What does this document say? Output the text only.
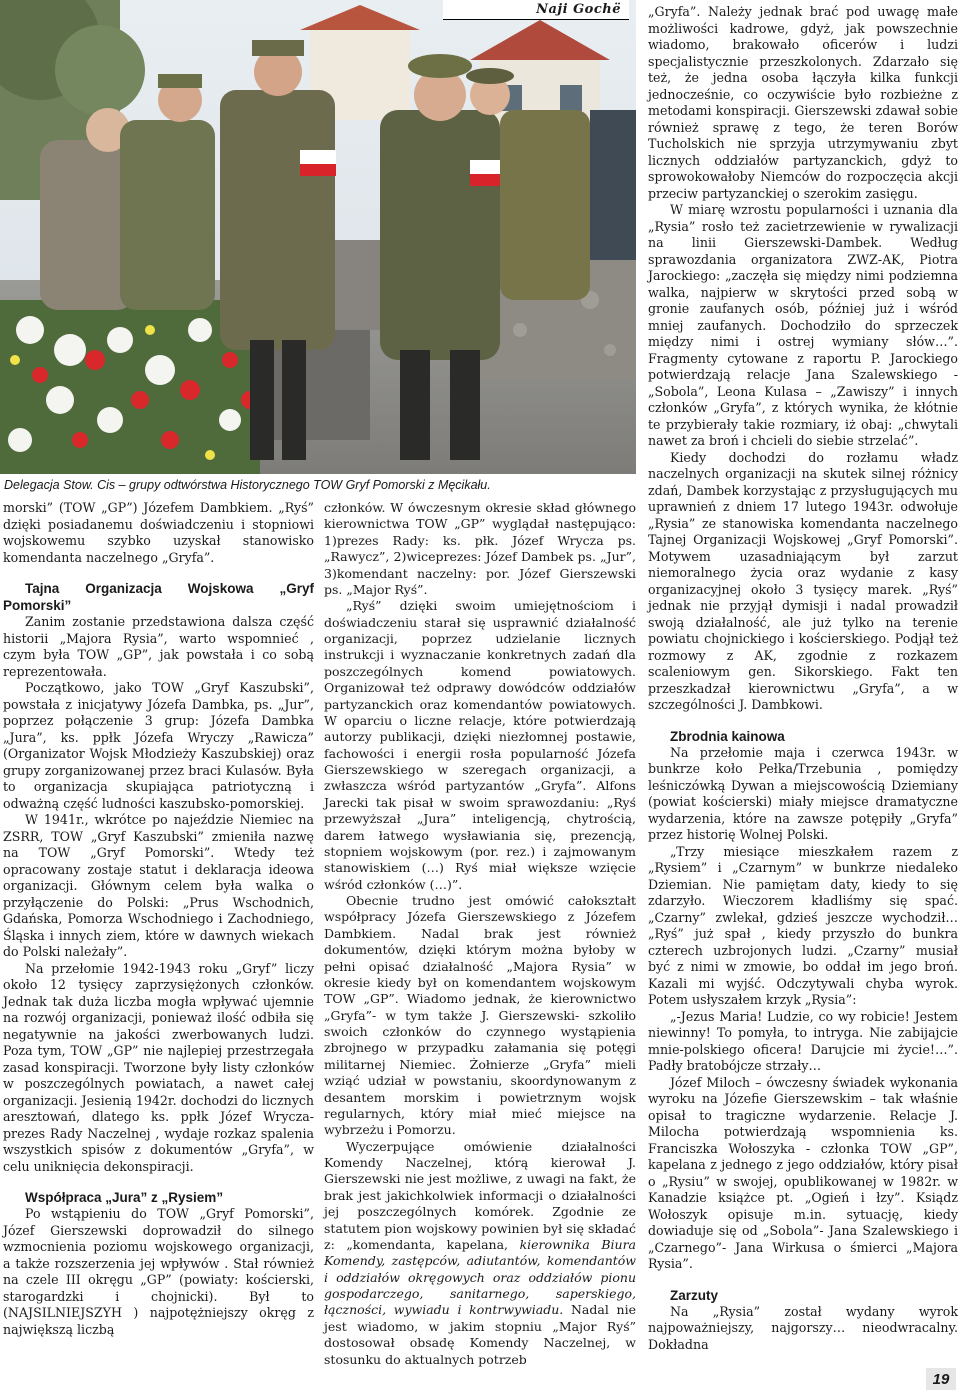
Naji Gochë
Delegacja Stow. Cis – grupy odtwórstwa Historycznego TOW Gryf Pomorski z Męcikału.

morski” (TOW „GP”) Józefem Dambkiem. „Ryś” dzięki posiadanemu doświadczeniu i stopniowi wojskowemu szybko uzyskał stanowisko komendanta naczelnego „Gryfa”.

Tajna Organizacja Wojskowa „Gryf Pomorski”

Zanim zostanie przedstawiona dalsza część historii „Majora Rysia”, warto wspomnieć , czym była TOW „GP”, jak powstała i co sobą reprezentowała.

Początkowo, jako TOW „Gryf Kaszubski”, powstała z inicjatywy Józefa Dambka, ps. „Jur”, poprzez połączenie 3 grup: Józefa Dambka „Jura”, ks. ppłk Józefa Wryczy „Rawicza” (Organizator Wojsk Młodzieży Kaszubskiej) oraz grupy zorganizowanej przez braci Kulasów. Była to organizacja skupiająca patriotyczną i odważną część ludności kaszubsko-pomorskiej.

W 1941r., wkrótce po najeździe Niemiec na ZSRR, TOW „Gryf Kaszubski” zmieniła nazwę na TOW „Gryf Pomorski”. Wtedy też opracowany zostaje statut i deklaracja ideowa organizacji. Głównym celem była walka o przyłączenie do Polski: „Prus Wschodnich, Gdańska, Pomorza Wschodniego i Zachodniego, Śląska i innych ziem, które w dawnych wiekach do Polski należały”.

Na przełomie 1942-1943 roku „Gryf” liczy około 12 tysięcy zaprzysiężonych członków. Jednak tak duża liczba mogła wpływać ujemnie na rozwój organizacji, ponieważ ilość odbiła się negatywnie na jakości zwerbowanych ludzi. Poza tym, TOW „GP” nie najlepiej przestrzegała zasad konspiracji. Tworzone były listy członków w poszczególnych powiatach, a nawet całej organizacji. Jesienią 1942r. dochodzi do licznych aresztowań, dlatego ks. ppłk Józef Wrycza- prezes Rady Naczelnej , wydaje rozkaz spalenia wszystkich spisów z dokumentów „Gryfa”, w celu uniknięcia dekonspiracji.

Współpraca „Jura” z „Rysiem”

Po wstąpieniu do TOW „Gryf Pomorski”, Józef Gierszewski doprowadził do silnego wzmocnienia poziomu wojskowego organizacji, a także rozszerzenia jej wpływów . Stał również na czele III okręgu „GP” (powiaty: kościerski, starogardzki i chojnicki). Był to (NAJSILNIEJSZYH ) najpotężniejszy okręg z największą liczbą

członków. W ówczesnym okresie skład głównego kierownictwa TOW „GP” wyglądał następująco: 1)prezes Rady: ks. płk. Józef Wrycza ps. „Rawycz”, 2)wiceprezes: Józef Dambek ps. „Jur”, 3)komendant naczelny: por. Józef Gierszewski ps. „Major Ryś”.

„Ryś” dzięki swoim umiejętnościom i doświadczeniu starał się usprawnić działalność organizacji, poprzez udzielanie licznych instrukcji i wyznaczanie konkretnych zadań dla poszczególnych komend powiatowych. Organizował też odprawy dowódców oddziałów partyzanckich oraz komendantów powiatowych. W oparciu o liczne relacje, które potwierdzają autorzy publikacji, dzięki niezłomnej postawie, fachowości i energii rosła popularność Józefa Gierszewskiego w szeregach organizacji, a zwłaszcza wśród partyzantów „Gryfa”. Alfons Jarecki tak pisał w swoim sprawozdaniu: „Ryś przewyższał „Jura” inteligencją, chytrością, darem łatwego wysławiania się, prezencją, stopniem wojskowym (por. rez.) i zajmowanym stanowiskiem (…) Ryś miał większe wzięcie wśród członków (…)”.

Obecnie trudno jest omówić całokształt współpracy Józefa Gierszewskiego z Józefem Dambkiem. Nadal brak jest również dokumentów, dzięki którym można byłoby w pełni opisać działalność „Majora Rysia” w okresie kiedy był on komendantem wojskowym TOW „GP”. Wiadomo jednak, że kierownictwo „Gryfa”- w tym także J. Gierszewski- szkoliło swoich członków do czynnego wystąpienia zbrojnego w przypadku załamania się potęgi militarnej Niemiec. Żołnierze „Gryfa” mieli wziąć udział w powstaniu, skoordynowanym z desantem morskim i powietrznym wojsk regularnych, który miał mieć miejsce na wybrzeżu i Pomorzu.

Wyczerpujące omówienie działalności Komendy Naczelnej, którą kierował J. Gierszewski nie jest możliwe, z uwagi na fakt, że brak jest jakichkolwiek informacji o działalności jej poszczególnych komórek. Zgodnie ze statutem pion wojskowy powinien był się składać z: „komendanta, kapelana, kierownika Biura Komendy, zastępców, adiutantów, komendantów i oddziałów okręgowych oraz oddziałów pionu gospodarczego, sanitarnego, saperskiego, łączności, wywiadu i kontrwywiadu. Nadal nie jest wiadomo, w jakim stopniu „Major Ryś” dostosował obsadę Komendy Naczelnej, w stosunku do aktualnych potrzeb

„Gryfa”. Należy jednak brać pod uwagę małe możliwości kadrowe, gdyż, jak powszechnie wiadomo, brakowało oficerów i ludzi specjalistycznie przeszkolonych. Zdarzało się też, że jedna osoba łączyła kilka funkcji jednocześnie, co oczywiście było rozbieżne z metodami konspiracji. Gierszewski zdawał sobie również sprawę z tego, że teren Borów Tucholskich nie sprzyja utrzymywaniu zbyt licznych oddziałów partyzanckich, gdyż to sprowokowałoby Niemców do rozpoczęcia akcji przeciw partyzanckiej o szerokim zasięgu.

W miarę wzrostu popularności i uznania dla „Rysia” rosło też zacietrzewienie w rywalizacji na linii Gierszewski-Dambek. Według sprawozdania organizatora ZWZ-AK, Piotra Jarockiego: „zaczęła się między nimi podziemna walka, najpierw w skrytości przed sobą w gronie zaufanych osób, później już i wśród mniej zaufanych. Dochodziło do sprzeczek między nimi i ostrej wymiany słów…”. Fragmenty cytowane z raportu P. Jarockiego potwierdzają relacje Jana Szalewskiego - „Sobola”, Leona Kulasa – „Zawiszy” i innych członków „Gryfa”, z których wynika, że kłótnie te przybierały takie rozmiary, iż obaj: „chwytali nawet za broń i chcieli do siebie strzelać”.

Kiedy dochodzi do rozłamu władz naczelnych organizacji na skutek silnej różnicy zdań, Dambek korzystając z przysługujących mu uprawnień z dniem 17 lutego 1943r. odwołuje „Rysia” ze stanowiska komendanta naczelnego Tajnej Organizacji Wojskowej „Gryf Pomorski”. Motywem uzasadniającym był zarzut niemoralnego życia oraz wydanie z kasy organizacyjnej około 3 tysięcy marek. „Ryś” jednak nie przyjął dymisji i nadal prowadził swoją działalność, ale już tylko na terenie powiatu chojnickiego i kościerskiego. Podjął też rozmowy z AK, zgodnie z rozkazem scaleniowym gen. Sikorskiego. Fakt ten przeszkadzał kierownictwu „Gryfa”, a w szczególności J. Dambkowi.

Zbrodnia kainowa

Na przełomie maja i czerwca 1943r. w bunkrze koło Pełka/Trzebunia , pomiędzy leśniczówką Dywan a miejscowością Dziemiany (powiat kościerski) miały miejsce dramatyczne wydarzenia, które na zawsze potępiły „Gryfa” przez historię Wolnej Polski.

„Trzy miesiące mieszkałem razem z „Rysiem” i „Czarnym” w bunkrze niedaleko Dziemian. Nie pamiętam daty, kiedy to się zdarzyło. Wieczorem kładliśmy się spać. „Czarny” zwlekał, gdzieś jeszcze wychodził… „Ryś” już spał , kiedy przyszło do bunkra czterech uzbrojonych ludzi. „Czarny” musiał być z nimi w zmowie, bo oddał im jego broń. Kazali mi wyjść. Odczytywali chyba wyrok. Potem usłyszałem krzyk „Rysia”:

„-Jezus Maria! Ludzie, co wy robicie! Jestem niewinny! To pomyła, to intryga. Nie zabijajcie mnie-polskiego oficera! Darujcie mi życie!…”. Padły bratobójcze strzały…

Józef Miloch – ówczesny świadek wykonania wyroku na Józefie Gierszewskim – tak właśnie opisał to tragiczne wydarzenie. Relacje J. Milocha potwierdzają wspomnienia ks. Franciszka Wołoszyka - członka TOW „GP”, kapelana z jednego z jego oddziałów, który pisał o „Rysiu” w swojej, opublikowanej w 1982r. w Kanadzie książce pt. „Ogień i łzy”. Ksiądz Wołoszyk opisuje m.in. sytuację, kiedy dowiaduje się od „Sobola”- Jana Szalewskiego i „Czarnego”- Jana Wirkusa o śmierci „Majora Rysia”.

Zarzuty

Na „Rysia” został wydany wyrok najpoważniejszy, najgorszy… nieodwracalny. Dokładna

19
